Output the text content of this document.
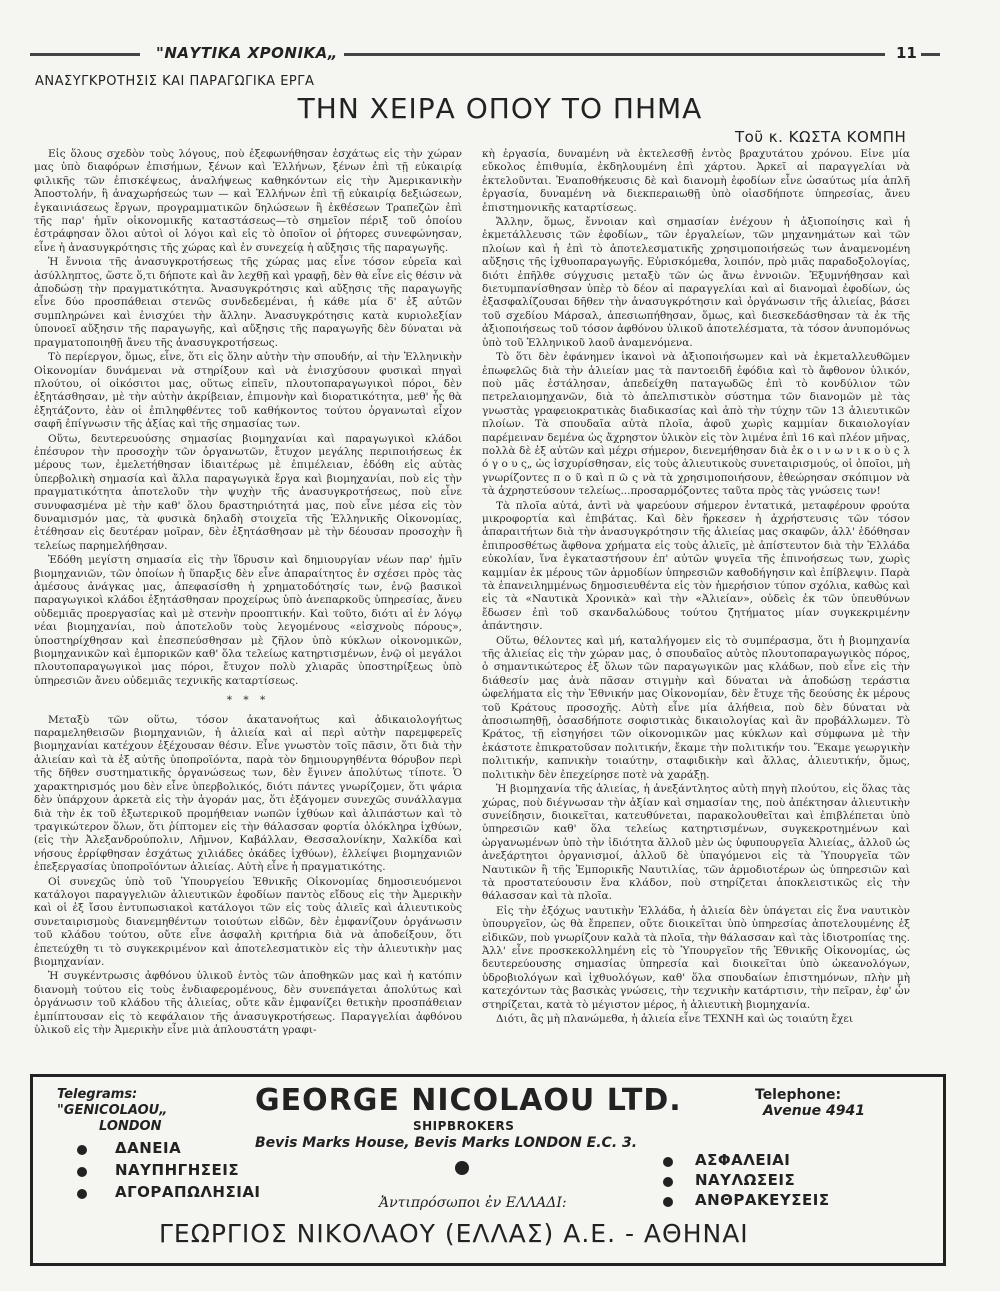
"ΝΑΥΤΙΚΑ ΧΡΟΝΙΚΑ„	11
ΑΝΑΣΥΓΚΡΟΤΗΣΙΣ ΚΑΙ ΠΑΡΑΓΩΓΙΚΑ ΕΡΓΑ
ΤΗΝ ΧΕΙΡΑ ΟΠΟΥ ΤΟ ΠΗΜΑ
Τοῦ κ. ΚΩΣΤΑ ΚΟΜΠΗ

Εἰς ὅλους σχεδὸν τοὺς λόγους, ποὺ ἐξεφωνήθησαν ἐσχάτως εἰς τὴν χώραν μας ὑπὸ διαφόρων ἐπισήμων, ξένων καὶ Ἑλλήνων, ξένων ἐπὶ τῇ εὐκαιρίᾳ φιλικῆς τῶν ἐπισκέψεως, ἀναλήψεως καθηκόντων εἰς τὴν Ἀμερικανικὴν Ἀποστολήν, ἢ ἀναχωρήσεώς των — καὶ Ἑλλήνων ἐπὶ τῇ εὐκαιρίᾳ δεξιώσεων, ἐγκαινιάσεως ἔργων, προγραμματικῶν δηλώσεων ἢ ἐκθέσεων Τραπεζῶν ἐπὶ τῆς παρ' ἡμῖν οἰκονομικῆς καταστάσεως—τὸ σημεῖον πέριξ τοῦ ὁποίου ἐστράφησαν ὅλοι αὐτοὶ οἱ λόγοι καὶ εἰς τὸ ὁποῖον οἱ ῥήτορες συνεφώνησαν, εἶνε ἡ ἀνασυγκρότησις τῆς χώρας καὶ ἐν συνεχείᾳ ἡ αὔξησις τῆς παραγωγῆς.

Ἡ ἔννοια τῆς ἀνασυγκροτήσεως τῆς χώρας μας εἶνε τόσον εὐρεῖα καὶ ἀσύλληπτος, ὥστε ὅ,τι δήποτε καὶ ἂν λεχθῇ καὶ γραφῇ, δὲν θὰ εἶνε εἰς θέσιν νὰ ἀποδώσῃ τὴν πραγματικότητα. Ἀνασυγκρότησις καὶ αὔξησις τῆς παραγωγῆς εἶνε δύο προσπάθειαι στενῶς συνδεδεμέναι, ἡ κάθε μία δ' ἐξ αὐτῶν συμπληρώνει καὶ ἐνισχύει τὴν ἄλλην. Ἀνασυγκρότησις κατὰ κυριολεξίαν ὑπονοεῖ αὔξησιν τῆς παραγωγῆς, καὶ αὔξησις τῆς παραγωγῆς δὲν δύναται νὰ πραγματοποιηθῇ ἄνευ τῆς ἀνασυγκροτήσεως.

Τὸ περίεργον, ὅμως, εἶνε, ὅτι εἰς ὅλην αὐτὴν τὴν σπουδήν, αἱ τὴν Ἑλληνικὴν Οἰκονομίαν δυνάμεναι νὰ στηρίξουν καὶ νὰ ἐνισχύσουν φυσικαὶ πηγαὶ πλούτου, οἱ οἰκόσιτοι μας, οὕτως εἰπεῖν, πλουτοπαραγωγικοὶ πόροι, δὲν ἐξητάσθησαν, μὲ τὴν αὐτὴν ἀκρίβειαν, ἐπιμονὴν καὶ διορατικότητα, μεθ' ἧς θὰ ἐξητάζοντο, ἐὰν οἱ ἐπιληφθέντες τοῦ καθήκοντος τούτου ὁργανωταὶ εἶχον σαφῆ ἐπίγνωσιν τῆς ἀξίας καὶ τῆς σημασίας των.

Οὕτω, δευτερευούσης σημασίας βιομηχανίαι καὶ παραγωγικοὶ κλάδοι ἐπέσυρον τὴν προσοχὴν τῶν ὀργανωτῶν, ἔτυχον μεγάλης περιποιήσεως ἐκ μέρους των, ἐμελετήθησαν ἰδιαιτέρως μὲ ἐπιμέλειαν, ἐδόθη εἰς αὐτὰς ὑπερβολικὴ σημασία καὶ ἄλλα παραγωγικὰ ἔργα καὶ βιομηχανίαι, ποὺ εἰς τὴν πραγματικότητα ἀποτελοῦν τὴν ψυχὴν τῆς ἀνασυγκροτήσεως, ποὺ εἶνε συνυφασμένα μὲ τὴν καθ' ὅλου δραστηριότητά μας, ποὺ εἶνε μέσα εἰς τὸν δυναμισμόν μας, τὰ φυσικὰ δηλαδὴ στοιχεῖα τῆς Ἑλληνικῆς Οἰκονομίας, ἐτέθησαν εἰς δευτέραν μοῖραν, δὲν ἐξητάσθησαν μὲ τὴν δέουσαν προσοχὴν ἢ τελείως παρημελήθησαν.

Ἐδόθη μεγίστη σημασία εἰς τὴν ἵδρυσιν καὶ δημιουργίαν νέων παρ' ἡμῖν βιομηχανιῶν, τῶν ὁποίων ἡ ὕπαρξις δὲν εἶνε ἀπαραίτητος ἐν σχέσει πρὸς τὰς ἀμέσους ἀνάγκας μας, ἀπεφασίσθη ἡ χρηματοδότησίς των, ἐνῷ βασικοὶ παραγωγικοὶ κλάδοι ἐξητάσθησαν προχείρως ὑπὸ ἀνεπαρκοῦς ὑπηρεσίας, ἄνευ οὐδεμιᾶς προεργασίας καὶ μὲ στενὴν προοπτικήν. Καὶ τοῦτο, διότι αἱ ἐν λόγῳ νέαι βιομηχανίαι, ποὺ ἀποτελοῦν τοὺς λεγομένους «εἰσχνοὺς πόρους», ὑποστηρίχθησαν καὶ ἐπεσπεύσθησαν μὲ ζῆλον ὑπὸ κύκλων οἰκονομικῶν, βιομηχανικῶν καὶ ἐμπορικῶν καθ' ὅλα τελείως κατηρτισμένων, ἐνῷ οἱ μεγάλοι πλουτοπαραγωγικοὶ μας πόροι, ἔτυχον πολὺ χλιαρᾶς ὑποστηρίξεως ὑπὸ ὑπηρεσιῶν ἄνευ οὐδεμιᾶς τεχνικῆς καταρτίσεως.

* * *

Μεταξὺ τῶν οὕτω, τόσον ἀκατανοήτως καὶ ἀδικαιολογήτως παραμεληθεισῶν βιομηχανιῶν, ἡ ἁλιεία καὶ αἱ περὶ αὐτὴν παρεμφερεῖς βιομηχανίαι κατέχουν ἐξέχουσαν θέσιν. Εἶνε γνωστὸν τοῖς πᾶσιν, ὅτι διὰ τὴν ἁλιείαν καὶ τὰ ἐξ αὐτῆς ὑποπροϊόντα, παρὰ τὸν δημιουργηθέντα θόρυβον περὶ τῆς δῆθεν συστηματικῆς ὀργανώσεως των, δὲν ἔγινεν ἀπολύτως τίποτε. Ὁ χαρακτηρισμός μου δὲν εἶνε ὑπερβολικός, διότι πάντες γνωρίζομεν, ὅτι ψάρια δὲν ὑπάρχουν ἀρκετὰ εἰς τὴν ἀγοράν μας, ὅτι ἐξάγομεν συνεχῶς συνάλλαγμα διὰ τὴν ἐκ τοῦ ἐξωτερικοῦ προμήθειαν νωπῶν ἰχθύων καὶ ἀλιπάστων καὶ τὸ τραγικώτερον ὅλων, ὅτι ῥίπτομεν εἰς τὴν θάλασσαν φορτία ὁλόκληρα ἰχθύων, (εἰς τὴν Ἀλεξανδρούπολιν, Λῆμνον, Καβάλλαν, Θεσσαλονίκην, Χαλκίδα καὶ νήσους ἐρρίφθησαν ἐσχάτως χιλιάδες ὀκάδες ἰχθύων), ἐλλείψει βιομηχανιῶν ἐπεξεργασίας ὑποπροϊόντων ἁλιείας. Αὐτὴ εἶνε ἡ πραγματικότης.

Οἱ συνεχῶς ὑπὸ τοῦ Ὑπουργείου Ἐθνικῆς Οἰκονομίας δημοσιευόμενοι κατάλογοι παραγγελιῶν ἁλιευτικῶν ἐφοδίων παντὸς εἴδους εἰς τὴν Ἀμερικὴν καὶ οἱ ἐξ ἴσου ἐντυπωσιακοὶ κατάλογοι τῶν εἰς τοὺς ἁλιεῖς καὶ ἁλιευτικοὺς συνεταιρισμοὺς διανεμηθέντων τοιούτων εἰδῶν, δὲν ἐμφανίζουν ὀργάνωσιν τοῦ κλάδου τούτου, οὔτε εἶνε ἀσφαλὴ κριτήρια διὰ νὰ ἀποδείξουν, ὅτι ἐπετεύχθη τι τὸ συγκεκριμένον καὶ ἀποτελεσματικὸν εἰς τὴν ἁλιευτικὴν μας βιομηχανίαν.

Ἡ συγκέντρωσις ἀφθόνου ὑλικοῦ ἐντὸς τῶν ἀποθηκῶν μας καὶ ἡ κατόπιν διανομὴ τούτου εἰς τοὺς ἐνδιαφερομένους, δὲν συνεπάγεται ἀπολύτως καὶ ὀργάνωσιν τοῦ κλάδου τῆς ἁλιείας, οὔτε κἂν ἐμφανίζει θετικὴν προσπάθειαν ἐμπίπτουσαν εἰς τὸ κεφάλαιον τῆς ἀνασυγκροτήσεως. Παραγγελίαι ἀφθόνου ὑλικοῦ εἰς τὴν Ἀμερικὴν εἶνε μιὰ ἁπλουστάτη γραφι-

κὴ ἐργασία, δυναμένη νὰ ἐκτελεσθῇ ἐντὸς βραχυτάτου χρόνου. Εἶνε μία εὔκολος ἐπιθυμία, ἐκδηλουμένη ἐπὶ χάρτου. Ἀρκεῖ αἱ παραγγελίαι νὰ ἐκτελοῦνται. Ἐναποθήκευσις δὲ καὶ διανομὴ ἐφοδίων εἶνε ὡσαύτως μία ἁπλῆ ἐργασία, δυναμένη νὰ διεκπεραιωθῇ ὑπὸ οἱασδήποτε ὑπηρεσίας, ἄνευ ἐπιστημονικῆς καταρτίσεως.

Ἄλλην, ὅμως, ἔννοιαν καὶ σημασίαν ἐνέχουν ἡ ἀξιοποίησις καὶ ἡ ἐκμετάλλευσις τῶν ἐφοδίων„ τῶν ἐργαλείων, τῶν μηχανημάτων καὶ τῶν πλοίων καὶ ἡ ἐπὶ τὸ ἀποτελεσματικῆς χρησιμοποιήσεώς των ἀναμενομένη αὔξησις τῆς ἰχθυοπαραγωγῆς. Εὑρισκόμεθα, λοιπόν, πρὸ μιᾶς παραδοξολογίας, διότι ἐπῆλθε σύγχυσις μεταξὺ τῶν ὡς ἄνω ἐννοιῶν. Ἐξυμνήθησαν καὶ διετυμπανίσθησαν ὑπὲρ τὸ δέον αἱ παραγγελίαι καὶ αἱ διανομαὶ ἐφοδίων, ὡς ἐξασφαλίζουσαι δῆθεν τὴν ἀνασυγκρότησιν καὶ ὀργάνωσιν τῆς ἁλιείας, βάσει τοῦ σχεδίου Μάρσαλ, ἀπεσιωπήθησαν, ὅμως, καὶ διεσκεδάσθησαν τὰ ἐκ τῆς ἀξιοποιήσεως τοῦ τόσον ἀφθόνου ὑλικοῦ ἀποτελέσματα, τὰ τόσον ἀνυπομόνως ὑπὸ τοῦ Ἑλληνικοῦ λαοῦ ἀναμενόμενα.

Τὸ ὅτι δὲν ἐφάνημεν ἱκανοὶ νὰ ἀξιοποιήσωμεν καὶ νὰ ἐκμεταλλευθῶμεν ἐπωφελῶς διὰ τὴν ἁλιείαν μας τὰ παντοειδῆ ἐφόδια καὶ τὸ ἄφθονον ὑλικόν, ποὺ μᾶς ἐστάλησαν, ἀπεδείχθη παταγωδῶς ἐπὶ τὸ κονδύλιον τῶν πετρελαιομηχανῶν, διὰ τὸ ἀπελπιστικὸν σύστημα τῶν διανομῶν μὲ τὰς γνωστὰς γραφειοκρατικὰς διαδικασίας καὶ ἀπὸ τὴν τύχην τῶν 13 ἁλιευτικῶν πλοίων. Τὰ σπουδαῖα αὐτὰ πλοῖα, ἀφοῦ χωρὶς καμμίαν δικαιολογίαν παρέμειναν δεμένα ὡς ἄχρηστον ὑλικὸν εἰς τὸν λιμένα ἐπὶ 16 καὶ πλέον μῆνας, πολλὰ δὲ ἐξ αὐτῶν καὶ μέχρι σήμερον, διενεμήθησαν διὰ ἐκ ο ι ν ω ν ι κ ο ὺ ς λ ό γ ο υ ς„ ὡς ἰσχυρίσθησαν, εἰς τοὺς ἁλιευτικοὺς συνεταιρισμούς, οἱ ὁποῖοι, μὴ γνωρίζοντες π ο ῦ καὶ π ῶ ς νὰ τὰ χρησιμοποιήσουν, ἐθεώρησαν σκόπιμον νὰ τὰ ἀχρηστεύσουν τελείως...προσαρμόζοντες ταῦτα πρὸς τὰς γνώσεις των!

Τὰ πλοῖα αὐτά, ἀντὶ νὰ ψαρεύουν σήμερον ἐντατικά, μεταφέρουν φρούτα μικροφορτία καὶ ἐπιβάτας. Καὶ δὲν ἤρκεσεν ἡ ἀχρήστευσις τῶν τόσον ἀπαραιτήτων διὰ τὴν ἀνασυγκρότησιν τῆς ἁλιείας μας σκαφῶν, ἀλλ' ἐδόθησαν ἐπιπροσθέτως ἄφθονα χρήματα εἰς τοὺς ἁλιεῖς, μὲ ἀπίστευτον διὰ τὴν Ἑλλάδα εὐκολίαν, ἵνα ἐγκαταστήσουν ἐπ' αὐτῶν ψυγεῖα τῆς ἐπινοήσεως των, χωρὶς καμμίαν ἐκ μέρους τῶν ἁρμοδίων ὑπηρεσιῶν καθοδήγησιν καὶ ἐπίβλεψιν. Παρὰ τὰ ἐπανειλημμένως δημοσιευθέντα εἰς τὸν ἡμερήσιον τύπον σχόλια, καθὼς καὶ εἰς τὰ «Ναυτικὰ Χρονικὰ» καὶ τὴν «Ἀλιείαν», οὐδεὶς ἐκ τῶν ὑπευθύνων ἔδωσεν ἐπὶ τοῦ σκανδαλώδους τούτου ζητήματος μίαν συγκεκριμένην ἀπάντησιν.

Οὕτω, θέλοντες καὶ μή, καταλήγομεν εἰς τὸ συμπέρασμα, ὅτι ἡ βιομηχανία τῆς ἁλιείας εἰς τὴν χώραν μας, ὁ σπουδαῖος αὐτὸς πλουτοπαραγωγικὸς πόρος, ὁ σημαντικώτερος ἐξ ὅλων τῶν παραγωγικῶν μας κλάδων, ποὺ εἶνε εἰς τὴν διάθεσίν μας ἀνὰ πᾶσαν στιγμὴν καὶ δύναται νὰ ἀποδώσῃ τεράστια ὠφελήματα εἰς τὴν Ἐθνικήν μας Οἰκονομίαν, δὲν ἔτυχε τῆς δεούσης ἐκ μέρους τοῦ Κράτους προσοχῆς. Αὐτὴ εἶνε μία ἀλήθεια, ποὺ δὲν δύναται νὰ ἀποσιωπηθῇ, ὁσασδήποτε σοφιστικὰς δικαιολογίας καὶ ἂν προβάλλωμεν. Τὸ Κράτος, τῇ εἰσηγήσει τῶν οἰκονομικῶν μας κύκλων καὶ σύμφωνα μὲ τὴν ἑκάστοτε ἐπικρατοῦσαν πολιτικήν, ἔκαμε τὴν πολιτικήν του. Ἔκαμε γεωργικὴν πολιτικήν, καπνικὴν τοιαύτην, σταφιδικὴν καὶ ἄλλας, ἁλιευτικήν, ὅμως, πολιτικὴν δὲν ἐπεχείρησε ποτὲ νὰ χαράξῃ.

Ἡ βιομηχανία τῆς ἁλιείας, ἡ ἀνεξάντλητος αὐτὴ πηγὴ πλούτου, εἰς ὅλας τὰς χώρας, ποὺ διέγνωσαν τὴν ἀξίαν καὶ σημασίαν της, ποὺ ἀπέκτησαν ἁλιευτικὴν συνείδησιν, διοικεῖται, κατευθύνεται, παρακολουθεῖται καὶ ἐπιβλέπεται ὑπὸ ὑπηρεσιῶν καθ' ὅλα τελείως κατηρτισμένων, συγκεκροτημένων καὶ ὠργανωμένων ὑπὸ τὴν ἰδιότητα ἄλλοῦ μὲν ὡς ὑφυπουργεῖα Ἀλιείας„ ἀλλοῦ ὡς ἀνεξάρτητοι ὀργανισμοί, ἀλλοῦ δὲ ὑπαγόμενοι εἰς τὰ Ὑπουργεῖα τῶν Ναυτικῶν ἢ τῆς Ἐμπορικῆς Ναυτιλίας, τῶν ἁρμοδιοτέρων ὡς ὑπηρεσιῶν καὶ τὰ προστατεύουσιν ἕνα κλάδον, ποὺ στηρίζεται ἀποκλειστικῶς εἰς τὴν θάλασσαν καὶ τὰ πλοῖα.

Εἰς τὴν ἐξόχως ναυτικὴν Ἑλλάδα, ἡ ἁλιεία δὲν ὑπάγεται εἰς ἕνα ναυτικὸν ὑπουργεῖον, ὡς θὰ ἔπρεπεν, οὔτε διοικεῖται ὑπὸ ὑπηρεσίας ἀποτελουμένης ἐξ εἰδικῶν, ποὺ γνωρίζουν καλὰ τὰ πλοῖα, τὴν θάλασσαν καὶ τὰς ἰδιοτροπίας της. Ἀλλ' εἶνε προσκεκολλημένη εἰς τὸ Ὑπουργεῖον τῆς Ἐθνικῆς Οἰκονομίας, ὡς δευτερεύουσης σημασίας ὑπηρεσία καὶ διοικεῖται ὑπὸ ὠκεανολόγων, ὑδροβιολόγων καὶ ἰχθυολόγων, καθ' ὅλα σπουδαίων ἐπιστημόνων, πλὴν μὴ κατεχόντων τὰς βασικὰς γνώσεις, τὴν τεχνικὴν κατάρτισιν, τὴν πεῖραν, ἐφ' ὧν στηρίζεται, κατὰ τὸ μέγιστον μέρος, ἡ ἁλιευτικὴ βιομηχανία.

Διότι, ἂς μὴ πλανώμεθα, ἡ ἁλιεία εἶνε ΤΕΧΝΗ καὶ ὡς τοιαύτη ἔχει

Telegrams:
"GENICOLAOU„
LONDON
GEORGE NICOLAOU LTD.
SHIPBROKERS
Bevis Marks House, Bevis Marks LONDON E.C. 3.
Telephone:
Avenue 4941
ΔΑΝΕΙΑ
ΝΑΥΠΗΓΗΣΕΙΣ
ΑΓΟΡΑΠΩΛΗΣΙΑΙ
ΑΣΦΑΛΕΙΑΙ
ΝΑΥΛΩΣΕΙΣ
ΑΝΘΡΑΚΕΥΣΕΙΣ
Ἀντιπρόσωποι ἐν ΕΛΛΑΔΙ:
ΓΕΩΡΓΙΟΣ ΝΙΚΟΛΑΟΥ (ΕΛΛΑΣ) Α.Ε. - ΑΘΗΝΑΙ
